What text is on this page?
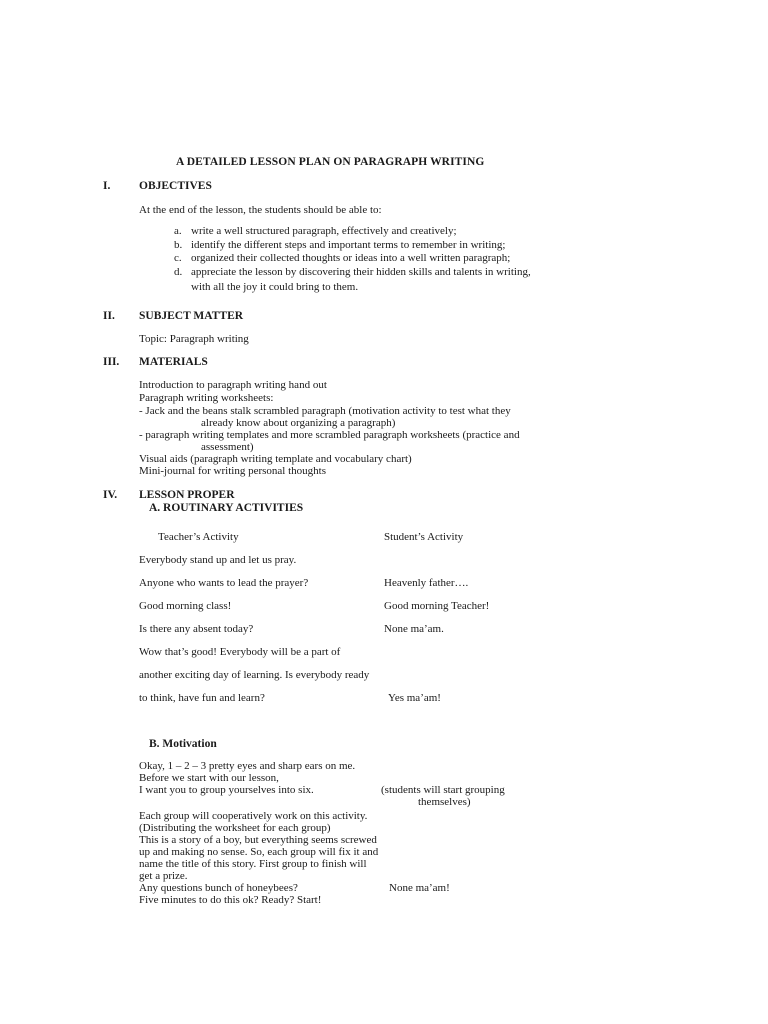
A DETAILED LESSON PLAN ON PARAGRAPH WRITING
I. OBJECTIVES
At the end of the lesson, the students should be able to:
a. write a well structured paragraph, effectively and creatively;
b. identify the different steps and important terms to remember in writing;
c. organized their collected thoughts or ideas into a well written paragraph;
d. appreciate the lesson by discovering their hidden skills and talents in writing,
with all the joy it could bring to them.
II. SUBJECT MATTER
Topic: Paragraph writing
III. MATERIALS
Introduction to paragraph writing hand out
Paragraph writing worksheets:
- Jack and the beans stalk scrambled paragraph (motivation activity to test what they
already know about organizing a paragraph)
- paragraph writing templates and more scrambled paragraph worksheets (practice and
assessment)
Visual aids (paragraph writing template and vocabulary chart)
Mini-journal for writing personal thoughts
IV. LESSON PROPER
A. ROUTINARY ACTIVITIES
Teacher’s Activity	Student’s Activity
Everybody stand up and let us pray.
Anyone who wants to lead the prayer?	Heavenly father….
Good morning class!	Good morning Teacher!
Is there any absent today?	None ma’am.
Wow that’s good! Everybody will be a part of
another exciting day of learning. Is everybody ready
to think, have fun and learn?	Yes ma’am!
B. Motivation
Okay, 1 – 2 – 3 pretty eyes and sharp ears on me.
Before we start with our lesson,
I want you to group yourselves into six.	(students will start grouping
themselves)
Each group will cooperatively work on this activity.
(Distributing the worksheet for each group)
This is a story of a boy, but everything seems screwed
up and making no sense. So, each group will fix it and
name the title of this story. First group to finish will
get a prize.
Any questions bunch of honeybees?	None ma’am!
Five minutes to do this ok? Ready? Start!
